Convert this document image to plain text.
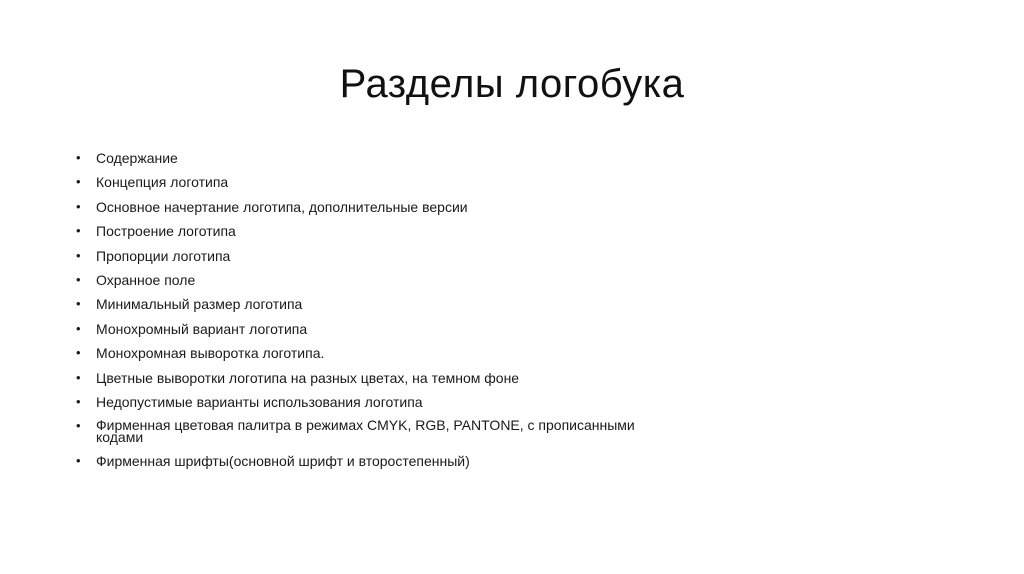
Разделы логобука
• Содержание
• Концепция логотипа
• Основное начертание логотипа, дополнительные версии
• Построение логотипа
• Пропорции логотипа
• Охранное поле
• Минимальный размер логотипа
• Монохромный вариант логотипа
• Монохромная выворотка логотипа.
• Цветные выворотки логотипа на разных цветах, на темном фоне
• Недопустимые варианты использования логотипа
• Фирменная цветовая палитра в режимах CMYK, RGB, PANTONE, с прописанными кодами
• Фирменная шрифты(основной шрифт и второстепенный)
